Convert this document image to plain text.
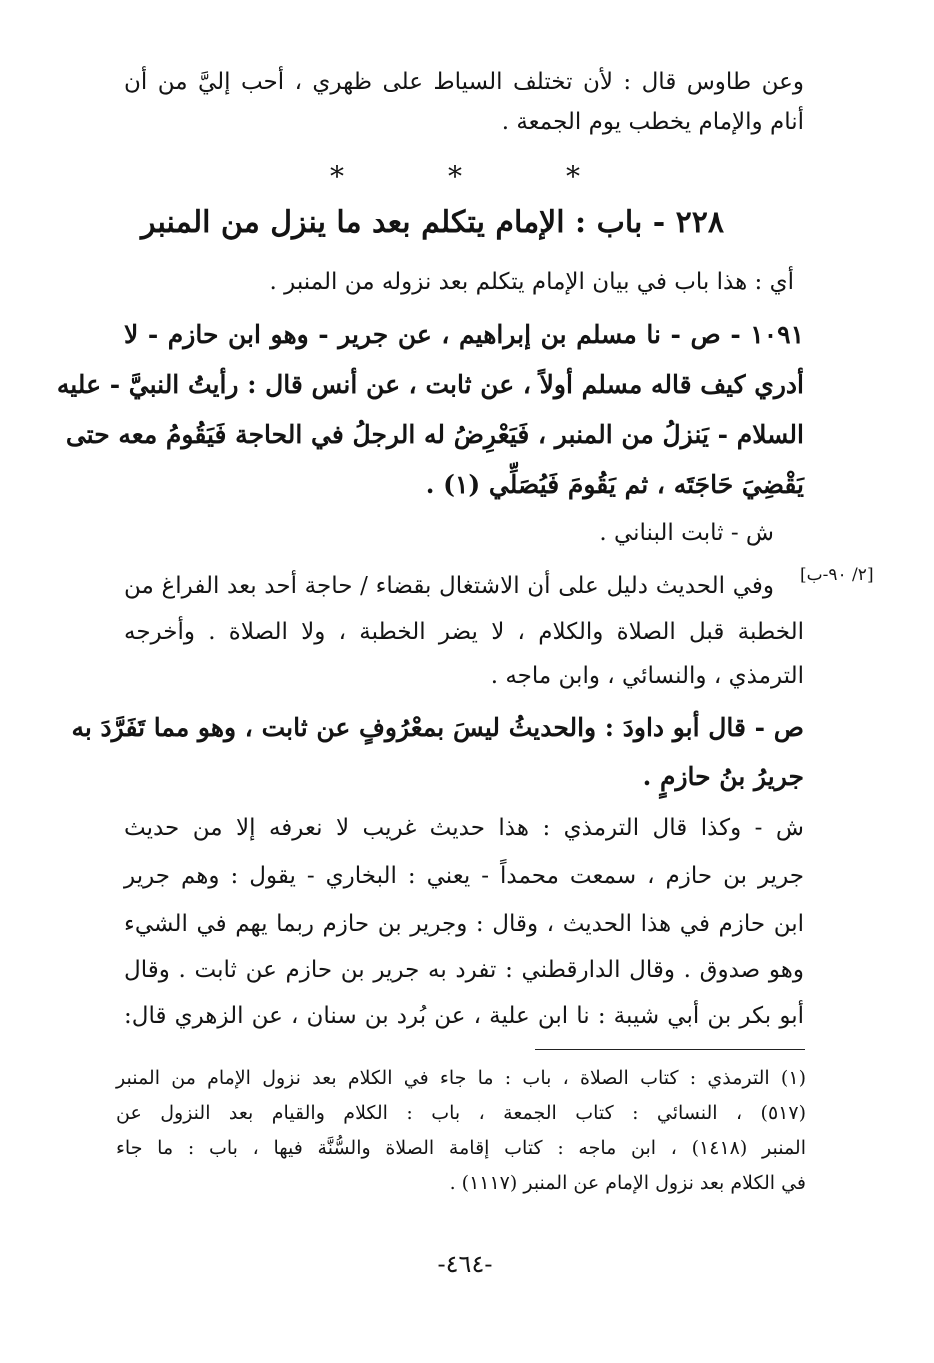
وعن طاوس قال : لأن تختلف السياط على ظهري ، أحب إليَّ من أن
أنام والإمام يخطب يوم الجمعة .
*	*	*
٢٢٨ - باب : الإمام يتكلم بعد ما ينزل من المنبر
أي : هذا باب في بيان الإمام يتكلم بعد نزوله من المنبر .
١٠٩١ - ص - نا مسلم بن إبراهيم ، عن جرير - وهو ابن حازم - لا
أدري كيف قاله مسلم أولاً ، عن ثابت ، عن أنس قال : رأيتُ النبيَّ - عليه
السلام - يَنزلُ من المنبر ، فَيَعْرِضُ له الرجلُ في الحاجة فَيَقُومُ معه حتى
يَقْضِيَ حَاجَتَه ، ثم يَقُومَ فَيُصَلِّي (١) .
ش - ثابت البناني .
[٢/ ٩٠-ب]
وفي الحديث دليل على أن الاشتغال بقضاء / حاجة أحد بعد الفراغ من
الخطبة قبل الصلاة والكلام ، لا يضر الخطبة ، ولا الصلاة . وأخرجه
الترمذي ، والنسائي ، وابن ماجه .
ص - قال أبو داودَ : والحديثُ ليسَ بمعْرُوفٍ عن ثابت ، وهو مما تَفَرَّدَ به
جريرُ بنُ حازمٍ .
ش - وكذا قال الترمذي : هذا حديث غريب لا نعرفه إلا من حديث
جرير بن حازم ، سمعت محمداً - يعني : البخاري - يقول : وهم جرير
ابن حازم في هذا الحديث ، وقال : وجرير بن حازم ربما يهم في الشيء
وهو صدوق . وقال الدارقطني : تفرد به جرير بن حازم عن ثابت . وقال
أبو بكر بن أبي شيبة : نا ابن علية ، عن بُرد بن سنان ، عن الزهري قال:
(١) الترمذي : كتاب الصلاة ، باب : ما جاء في الكلام بعد نزول الإمام من المنبر
(٥١٧) ، النسائي : كتاب الجمعة ، باب : الكلام والقيام بعد النزول عن
المنبر (١٤١٨) ، ابن ماجه : كتاب إقامة الصلاة والسُّنَّة فيها ، باب : ما جاء
في الكلام بعد نزول الإمام عن المنبر (١١١٧) .
-٤٦٤-
